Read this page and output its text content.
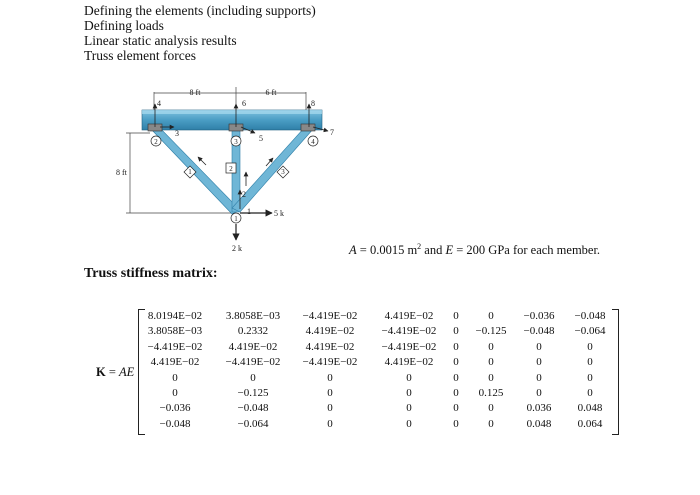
Defining the elements (including supports)
Defining loads
Linear static analysis results
Truss element forces
8 ft	6 ft
8 ft
1
2
3
4
5
6
7
8
1
2	3	4
1	2	3
5 k
2 k	A = 0.0015 $m^2$ and E = 200 GPa for each member.
Truss stiffness matrix:
K = AE
8.0194E−02	3.8058E−03	−4.419E−02	4.419E−02	0	0	−0.036	−0.048
3.8058E−03	0.2332	4.419E−02	−4.419E−02	0	−0.125	−0.048	−0.064
−4.419E−02	4.419E−02	4.419E−02	−4.419E−02	0	0	0	0
4.419E−02	−4.419E−02	−4.419E−02	4.419E−02	0	0	0	0
0	0	0	0	0	0	0	0
0	−0.125	0	0	0	0.125	0	0
−0.036	−0.048	0	0	0	0	0.036	0.048
−0.048	−0.064	0	0	0	0	0.048	0.064
